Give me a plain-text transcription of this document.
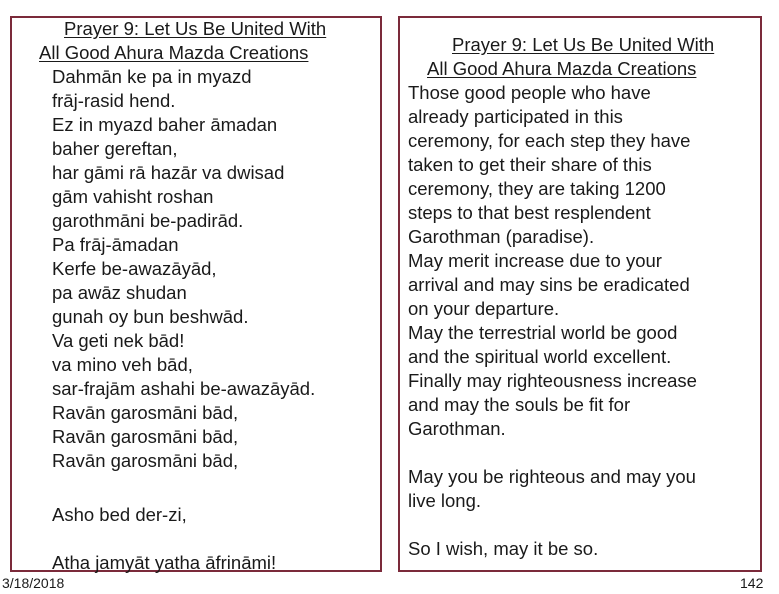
Prayer 9: Let Us Be United With
All Good Ahura Mazda Creations
Dahmān ke pa in myazd
frāj-rasid hend.
Ez in myazd baher āmadan
baher gereftan,
har gāmi rā hazār va dwisad
gām vahisht roshan
garothmāni be-padirād.
Pa frāj-āmadan
Kerfe be-awazāyād,
pa awāz shudan
gunah oy bun beshwād.
Va geti nek bād!
va mino veh bād,
sar-frajām ashahi be-awazāyād.
Ravān garosmāni bād,
Ravān garosmāni bād,
Ravān garosmāni bād,
Asho bed der-zi,
Atha jamyāt yatha āfrināmi!
Prayer 9: Let Us Be United With
All Good Ahura Mazda Creations
Those good people who have
already participated in this
ceremony, for each step they have
taken to get their share of this
ceremony, they are taking 1200
steps to that best resplendent
Garothman (paradise).
May merit increase due to your
arrival and may sins be eradicated
on your departure.
May the terrestrial world be good
and the spiritual world excellent.
Finally may righteousness increase
and may the souls be fit for
Garothman.
May you be righteous and may you
live long.
So I wish, may it be so.
3/18/2018	142
